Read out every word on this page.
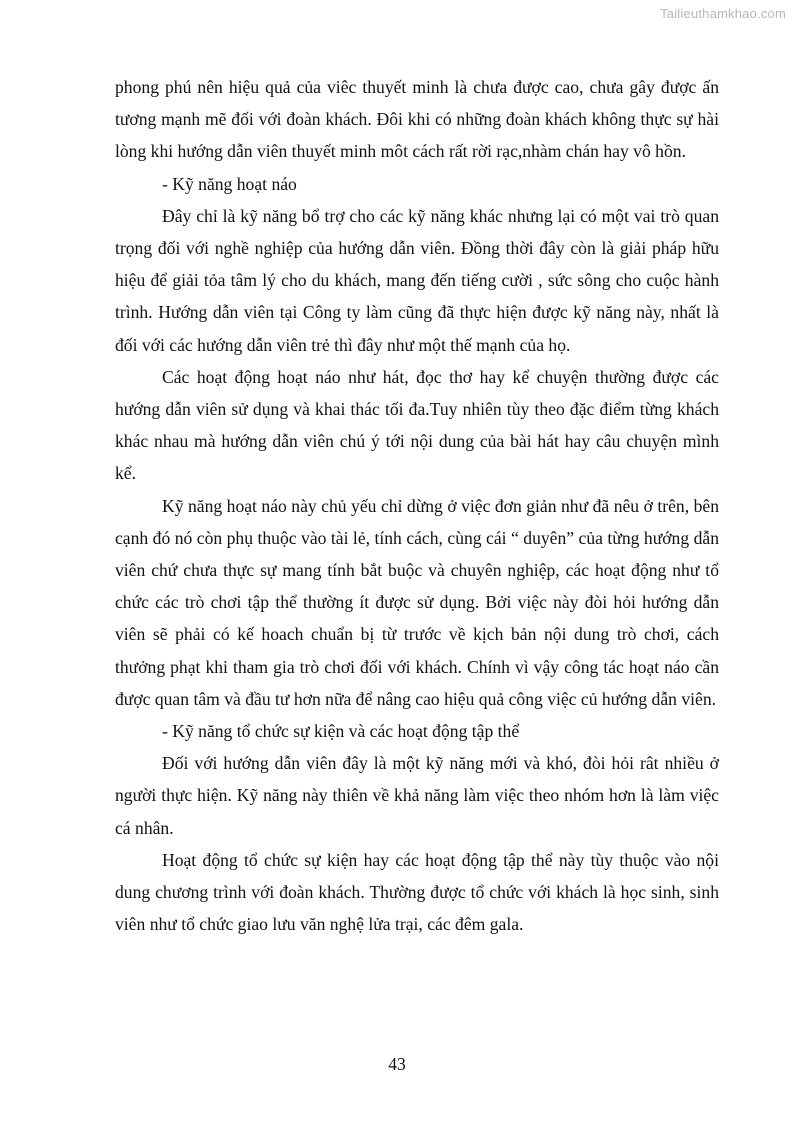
Tailieuthamkhao.com

phong phú nên hiệu quả của viêc thuyết minh là chưa được cao, chưa gây được ấn tương mạnh mẽ đối với đoàn khách. Đôi khi có những đoàn khách không thực sự hài lòng khi hướng dẫn viên thuyết minh môt cách rất rời rạc,nhàm chán hay vô hồn.

- Kỹ năng hoạt náo

Đây chỉ là kỹ năng bổ trợ cho các kỹ năng khác nhưng lại có một vai trò quan trọng đối với nghề nghiệp của hướng dẫn viên. Đồng thời đây còn là giải pháp hữu hiệu để giải tỏa tâm lý cho du khách, mang đến tiếng cười , sức sông cho cuộc hành trình. Hướng dẫn viên tại Công ty làm cũng đã thực hiện được kỹ năng này, nhất là đối với các hướng dẫn viên trẻ thì đây như một thế mạnh của họ.

Các hoạt động hoạt náo như hát, đọc thơ hay kể chuyện thường được các hướng dẫn viên sử dụng và khai thác tối đa.Tuy nhiên tùy theo đặc điểm từng khách khác nhau mà hướng dẫn viên chú ý tới nội dung của bài hát hay câu chuyện mình kể.

Kỹ năng hoạt náo này chủ yếu chỉ dừng ở việc đơn giản như đã nêu ở trên, bên cạnh đó nó còn phụ thuộc vào tài lẻ, tính cách, cùng cái “ duyên” của từng hướng dẫn viên chứ chưa thực sự mang tính bắt buộc và chuyên nghiệp, các hoạt động như tổ chức các trò chơi tập thể thường ít được sử dụng. Bởi việc này đòi hỏi hướng dẫn viên sẽ phải có kế hoach chuẩn bị từ trước về kịch bản nội dung trò chơi, cách thưởng phạt khi tham gia trò chơi đối với khách. Chính vì vậy công tác hoạt náo cần được quan tâm và đầu tư hơn nữa để nâng cao hiệu quả công việc củ hướng dẫn viên.

- Kỹ năng tổ chức sự kiện và các hoạt động tập thể

Đối với hướng dẫn viên đây là một kỹ năng mới và khó, đòi hỏi rât nhiều ở người thực hiện. Kỹ năng này thiên về khả năng làm việc theo nhóm hơn là làm việc cá nhân.

Hoạt động tổ chức sự kiện hay các hoạt động tập thể này tùy thuộc vào nội dung chương trình với đoàn khách. Thường được tổ chức với khách là học sinh, sinh viên như tổ chức giao lưu văn nghệ lửa trại, các đêm gala.

43
